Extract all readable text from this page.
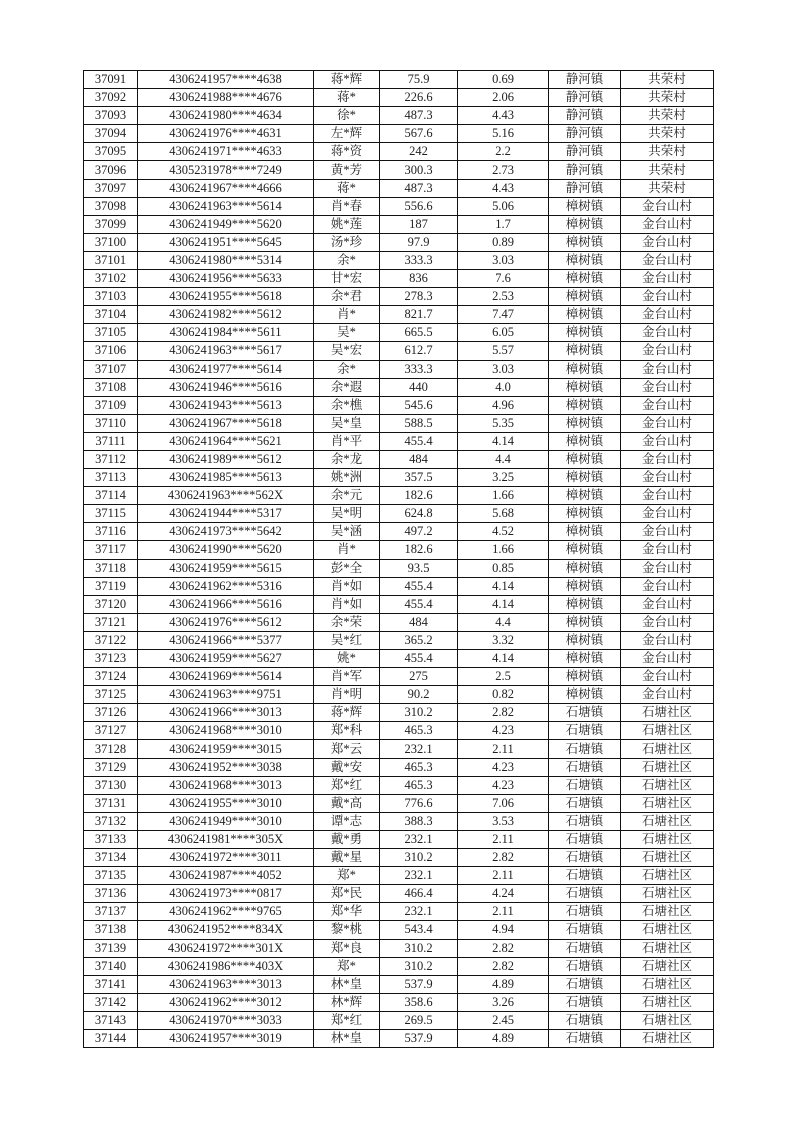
37091	4306241957****4638	蒋*辉	75.9	0.69	静河镇	共荣村
37092	4306241988****4676	蒋*	226.6	2.06	静河镇	共荣村
37093	4306241980****4634	徐*	487.3	4.43	静河镇	共荣村
37094	4306241976****4631	左*辉	567.6	5.16	静河镇	共荣村
37095	4306241971****4633	蒋*资	242	2.2	静河镇	共荣村
37096	4305231978****7249	黄*芳	300.3	2.73	静河镇	共荣村
37097	4306241967****4666	蒋*	487.3	4.43	静河镇	共荣村
37098	4306241963****5614	肖*春	556.6	5.06	樟树镇	金台山村
37099	4306241949****5620	姚*莲	187	1.7	樟树镇	金台山村
37100	4306241951****5645	汤*珍	97.9	0.89	樟树镇	金台山村
37101	4306241980****5314	余*	333.3	3.03	樟树镇	金台山村
37102	4306241956****5633	甘*宏	836	7.6	樟树镇	金台山村
37103	4306241955****5618	余*君	278.3	2.53	樟树镇	金台山村
37104	4306241982****5612	肖*	821.7	7.47	樟树镇	金台山村
37105	4306241984****5611	吴*	665.5	6.05	樟树镇	金台山村
37106	4306241963****5617	吴*宏	612.7	5.57	樟树镇	金台山村
37107	4306241977****5614	余*	333.3	3.03	樟树镇	金台山村
37108	4306241946****5616	余*遐	440	4.0	樟树镇	金台山村
37109	4306241943****5613	余*樵	545.6	4.96	樟树镇	金台山村
37110	4306241967****5618	吴*皇	588.5	5.35	樟树镇	金台山村
37111	4306241964****5621	肖*平	455.4	4.14	樟树镇	金台山村
37112	4306241989****5612	余*龙	484	4.4	樟树镇	金台山村
37113	4306241985****5613	姚*洲	357.5	3.25	樟树镇	金台山村
37114	4306241963****562X	余*元	182.6	1.66	樟树镇	金台山村
37115	4306241944****5317	吴*明	624.8	5.68	樟树镇	金台山村
37116	4306241973****5642	吴*涵	497.2	4.52	樟树镇	金台山村
37117	4306241990****5620	肖*	182.6	1.66	樟树镇	金台山村
37118	4306241959****5615	彭*全	93.5	0.85	樟树镇	金台山村
37119	4306241962****5316	肖*如	455.4	4.14	樟树镇	金台山村
37120	4306241966****5616	肖*如	455.4	4.14	樟树镇	金台山村
37121	4306241976****5612	余*荣	484	4.4	樟树镇	金台山村
37122	4306241966****5377	吴*红	365.2	3.32	樟树镇	金台山村
37123	4306241959****5627	姚*	455.4	4.14	樟树镇	金台山村
37124	4306241969****5614	肖*军	275	2.5	樟树镇	金台山村
37125	4306241963****9751	肖*明	90.2	0.82	樟树镇	金台山村
37126	4306241966****3013	蒋*辉	310.2	2.82	石塘镇	石塘社区
37127	4306241968****3010	郑*科	465.3	4.23	石塘镇	石塘社区
37128	4306241959****3015	郑*云	232.1	2.11	石塘镇	石塘社区
37129	4306241952****3038	戴*安	465.3	4.23	石塘镇	石塘社区
37130	4306241968****3013	郑*红	465.3	4.23	石塘镇	石塘社区
37131	4306241955****3010	戴*高	776.6	7.06	石塘镇	石塘社区
37132	4306241949****3010	谭*志	388.3	3.53	石塘镇	石塘社区
37133	4306241981****305X	戴*勇	232.1	2.11	石塘镇	石塘社区
37134	4306241972****3011	戴*星	310.2	2.82	石塘镇	石塘社区
37135	4306241987****4052	郑*	232.1	2.11	石塘镇	石塘社区
37136	4306241973****0817	郑*民	466.4	4.24	石塘镇	石塘社区
37137	4306241962****9765	郑*华	232.1	2.11	石塘镇	石塘社区
37138	4306241952****834X	黎*桃	543.4	4.94	石塘镇	石塘社区
37139	4306241972****301X	郑*良	310.2	2.82	石塘镇	石塘社区
37140	4306241986****403X	郑*	310.2	2.82	石塘镇	石塘社区
37141	4306241963****3013	林*皇	537.9	4.89	石塘镇	石塘社区
37142	4306241962****3012	林*辉	358.6	3.26	石塘镇	石塘社区
37143	4306241970****3033	郑*红	269.5	2.45	石塘镇	石塘社区
37144	4306241957****3019	林*皇	537.9	4.89	石塘镇	石塘社区
